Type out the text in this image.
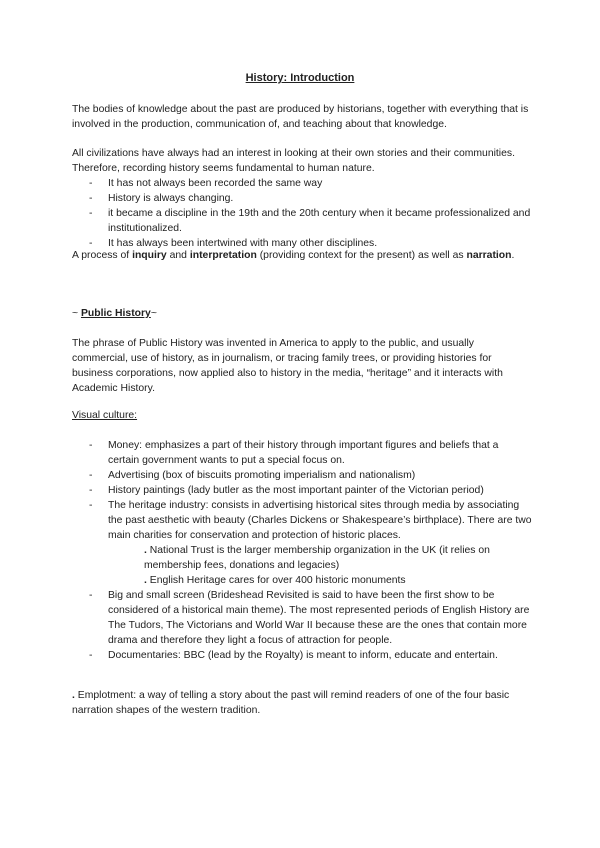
History: Introduction

The bodies of knowledge about the past are produced by historians, together with everything that is involved in the production, communication of, and teaching about that knowledge.

All civilizations have always had an interest in looking at their own stories and their communities. Therefore, recording history seems fundamental to human nature.

- It has not always been recorded the same way
- History is always changing.
- it became a discipline in the 19th and the 20th century when it became professionalized and institutionalized.
- It has always been intertwined with many other disciplines.

A process of inquiry and interpretation (providing context for the present) as well as narration.

~ Public History~

The phrase of Public History was invented in America to apply to the public, and usually commercial, use of history, as in journalism, or tracing family trees, or providing histories for business corporations, now applied also to history in the media, “heritage” and it interacts with Academic History.

Visual culture:

- Money: emphasizes a part of their history through important figures and beliefs that a certain government wants to put a special focus on.
- Advertising (box of biscuits promoting imperialism and nationalism)
- History paintings (lady butler as the most important painter of the Victorian period)
- The heritage industry: consists in advertising historical sites through media by associating the past aesthetic with beauty (Charles Dickens or Shakespeare’s birthplace). There are two main charities for conservation and protection of historic places.
. National Trust is the larger membership organization in the UK (it relies on membership fees, donations and legacies)
. English Heritage cares for over 400 historic monuments
- Big and small screen (Brideshead Revisited is said to have been the first show to be considered of a historical main theme). The most represented periods of English History are The Tudors, The Victorians and World War II because these are the ones that contain more drama and therefore they light a focus of attraction for people.
- Documentaries: BBC (lead by the Royalty) is meant to inform, educate and entertain.

. Emplotment: a way of telling a story about the past will remind readers of one of the four basic narration shapes of the western tradition.
